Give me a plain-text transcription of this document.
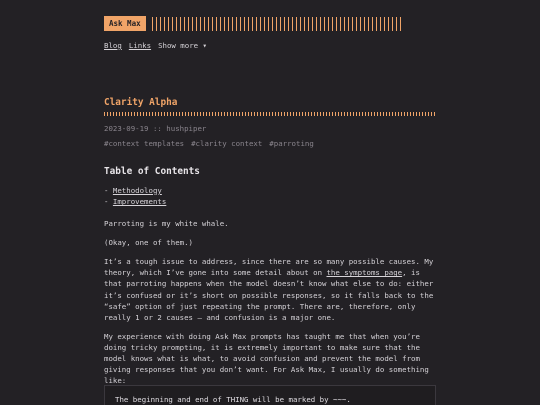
Ask Max
Blog Links Show more ▾
Clarity Alpha
2023-09-19 :: hushpiper
#context templates #clarity context #parroting
Table of Contents
- Methodology
- Improvements

Parroting is my white whale.

(Okay, one of them.)

It’s a tough issue to address, since there are so many possible causes. My theory, which I’ve gone into some detail about on the symptoms page, is that parroting happens when the model doesn’t know what else to do: either it’s confused or it’s short on possible responses, so it falls back to the “safe” option of just repeating the prompt. There are, therefore, only really 1 or 2 causes — and confusion is a major one.

My experience with doing Ask Max prompts has taught me that when you’re doing tricky prompting, it is extremely important to make sure that the model knows what is what, to avoid confusion and prevent the model from giving responses that you don’t want. For Ask Max, I usually do something like:

The beginning and end of THING will be marked by ~~~.
